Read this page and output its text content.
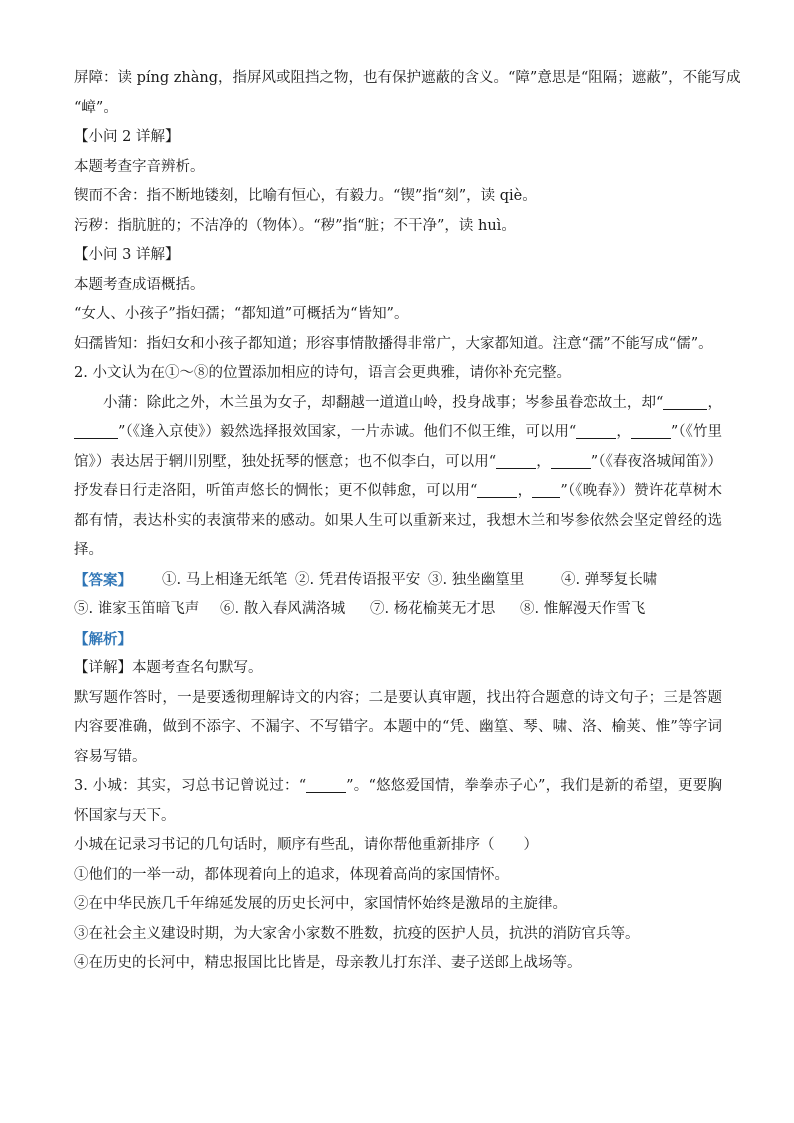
屏障：读 píng zhàng，指屏风或阻挡之物，也有保护遮蔽的含义。“障”意思是“阻隔；遮蔽”，不能写成
“嶂”。
【小问 2 详解】
本题考查字音辨析。
锲而不舍：指不断地镂刻，比喻有恒心，有毅力。“锲”指“刻”，读 qiè。
污秽：指肮脏的；不洁净的（物体）。“秽”指“脏；不干净”，读 huì。
【小问 3 详解】
本题考查成语概括。
“女人、小孩子”指妇孺；“都知道”可概括为“皆知”。
妇孺皆知：指妇女和小孩子都知道；形容事情散播得非常广，大家都知道。注意“孺”不能写成“儒”。
2. 小文认为在①～⑧的位置添加相应的诗句，语言会更典雅，请你补充完整。
小蒲：除此之外，木兰虽为女子，却翻越一道道山岭，投身战事；岑参虽眷恋故土，却“	，”（《逢入京使》）毅然选择报效国家，一片赤诚。他们不似王维，可以用“	，	”（《竹里馆》）表达居于辋川别墅，独处抚琴的惬意；也不似李白，可以用“	，	”（《春夜洛城闻笛》）抒发春日行走洛阳，听笛声悠长的惆怅；更不似韩愈，可以用“	， ”（《晚春》）赞许花草树木都有情，表达朴实的表演带来的感动。如果人生可以重新来过，我想木兰和岑参依然会坚定曾经的选择。
【答案】	①. 马上相逢无纸笔 ②. 凭君传语报平安 ③. 独坐幽篁里	④. 弹琴复长啸
⑤. 谁家玉笛暗飞声	⑥. 散入春风满洛城	⑦. 杨花榆荚无才思	⑧. 惟解漫天作雪飞
【解析】
【详解】本题考查名句默写。
默写题作答时，一是要透彻理解诗文的内容；二是要认真审题，找出符合题意的诗文句子；三是答题内容要准确，做到不添字、不漏字、不写错字。本题中的“凭、幽篁、琴、啸、洛、榆荚、惟”等字词容易写错。
3. 小城：其实，习总书记曾说过：“	”。“悠悠爱国情，拳拳赤子心”，我们是新的希望，更要胸怀国家与天下。
小城在记录习书记的几句话时，顺序有些乱，请你帮他重新排序（　　）
①他们的一举一动，都体现着向上的追求，体现着高尚的家国情怀。
②在中华民族几千年绵延发展的历史长河中，家国情怀始终是激昂的主旋律。
③在社会主义建设时期，为大家舍小家数不胜数，抗疫的医护人员，抗洪的消防官兵等。
④在历史的长河中，精忠报国比比皆是，母亲教儿打东洋、妻子送郎上战场等。
